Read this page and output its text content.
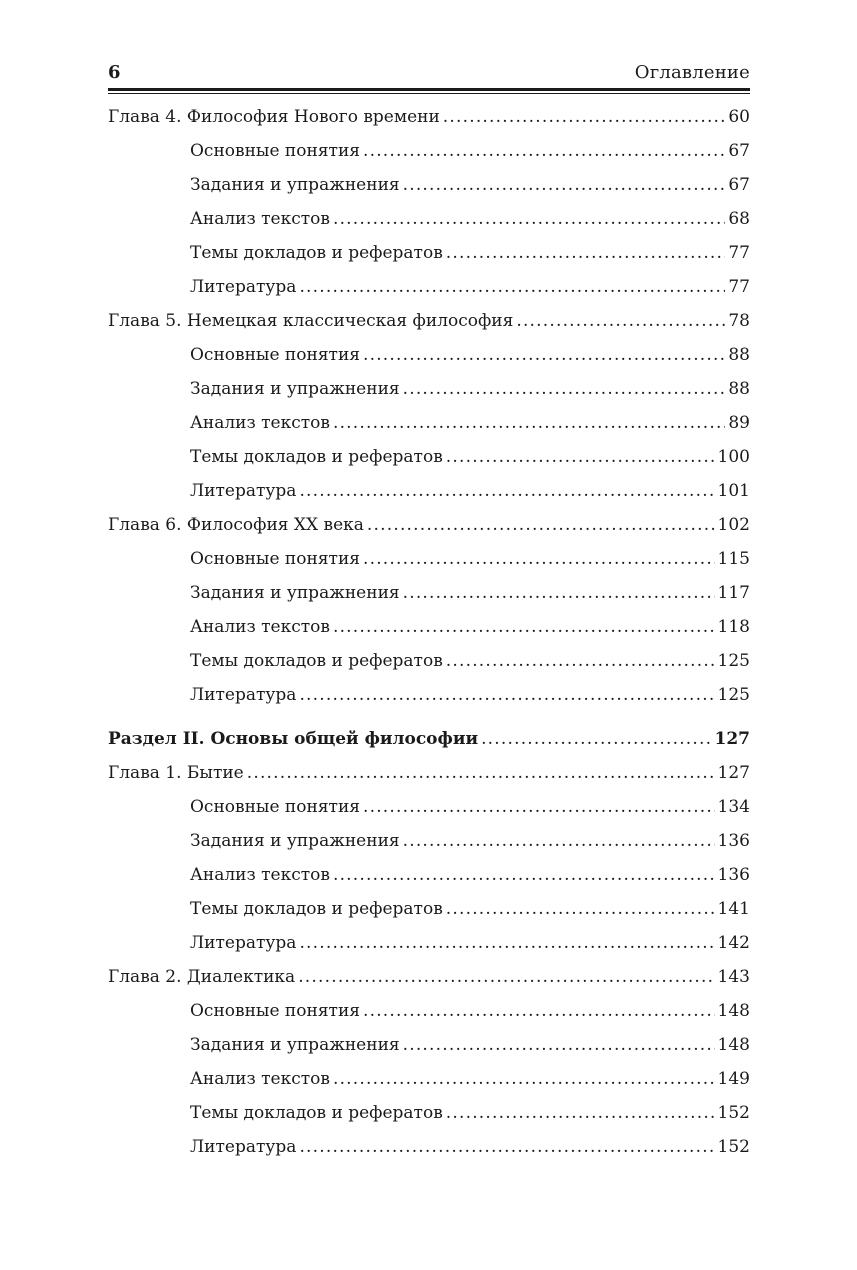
6	Оглавление
Глава 4. Философия Нового времени .....	60
Основные понятия .....	67
Задания и упражнения .....	67
Анализ текстов .....	68
Темы докладов и рефератов .....	77
Литература .....	77
Глава 5. Немецкая классическая философия .....	78
Основные понятия .....	88
Задания и упражнения .....	88
Анализ текстов .....	89
Темы докладов и рефератов .....	100
Литература .....	101
Глава 6. Философия XX века .....	102
Основные понятия .....	115
Задания и упражнения .....	117
Анализ текстов .....	118
Темы докладов и рефератов .....	125
Литература .....	125
Раздел II. Основы общей философии .....	127
Глава 1. Бытие .....	127
Основные понятия .....	134
Задания и упражнения .....	136
Анализ текстов .....	136
Темы докладов и рефератов .....	141
Литература .....	142
Глава 2. Диалектика .....	143
Основные понятия .....	148
Задания и упражнения .....	148
Анализ текстов .....	149
Темы докладов и рефератов .....	152
Литература .....	152
